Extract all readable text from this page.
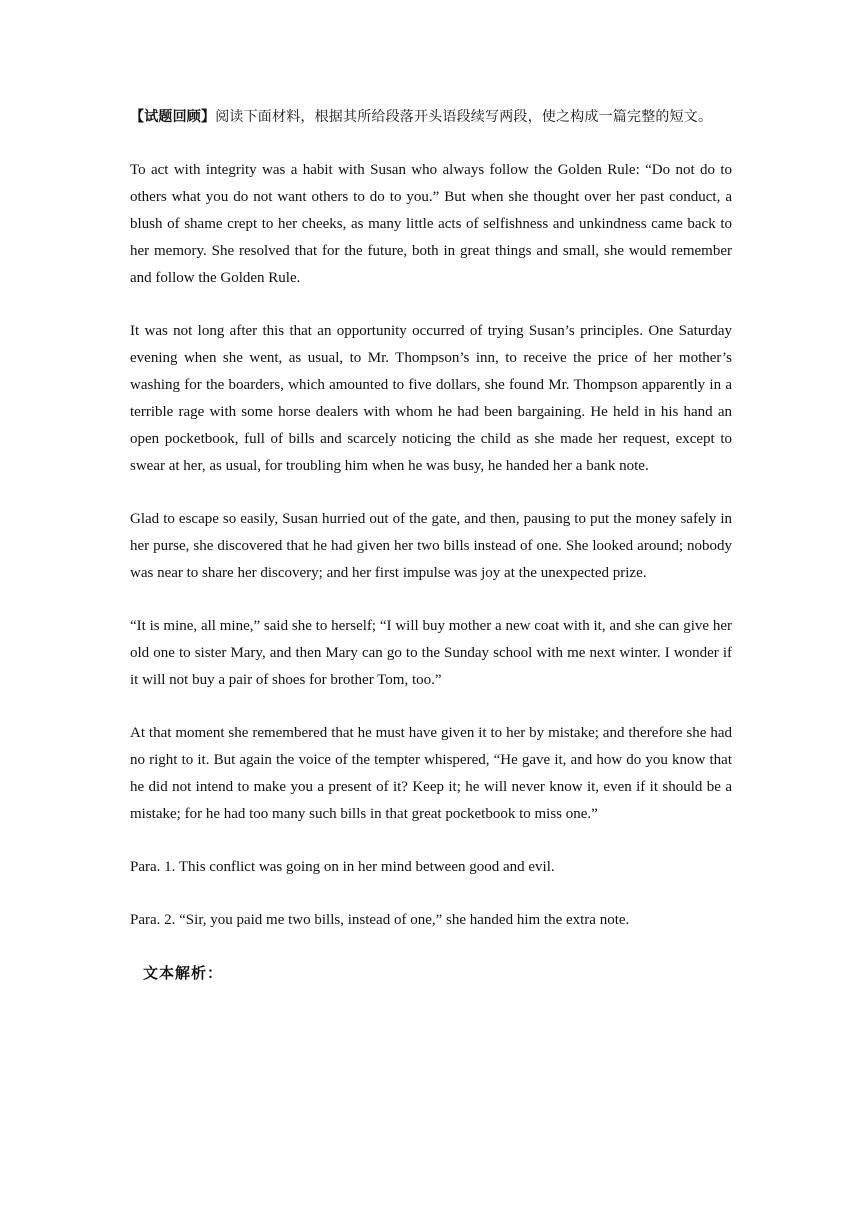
【试题回顾】阅读下面材料，根据其所给段落开头语段续写两段，使之构成一篇完整的短文。

To act with integrity was a habit with Susan who always follow the Golden Rule: “Do not do to others what you do not want others to do to you.” But when she thought over her past conduct, a blush of shame crept to her cheeks, as many little acts of selfishness and unkindness came back to her memory. She resolved that for the future, both in great things and small, she would remember and follow the Golden Rule.

It was not long after this that an opportunity occurred of trying Susan’s principles. One Saturday evening when she went, as usual, to Mr. Thompson’s inn, to receive the price of her mother’s washing for the boarders, which amounted to five dollars, she found Mr. Thompson apparently in a terrible rage with some horse dealers with whom he had been bargaining. He held in his hand an open pocketbook, full of bills and scarcely noticing the child as she made her request, except to swear at her, as usual, for troubling him when he was busy, he handed her a bank note.

Glad to escape so easily, Susan hurried out of the gate, and then, pausing to put the money safely in her purse, she discovered that he had given her two bills instead of one. She looked around; nobody was near to share her discovery; and her first impulse was joy at the unexpected prize.

“It is mine, all mine,” said she to herself; “I will buy mother a new coat with it, and she can give her old one to sister Mary, and then Mary can go to the Sunday school with me next winter. I wonder if it will not buy a pair of shoes for brother Tom, too.”

At that moment she remembered that he must have given it to her by mistake; and therefore she had no right to it. But again the voice of the tempter whispered, “He gave it, and how do you know that he did not intend to make you a present of it? Keep it; he will never know it, even if it should be a mistake; for he had too many such bills in that great pocketbook to miss one.”

Para. 1. This conflict was going on in her mind between good and evil.

Para. 2. “Sir, you paid me two bills, instead of one,” she handed him the extra note.

文本解析：
